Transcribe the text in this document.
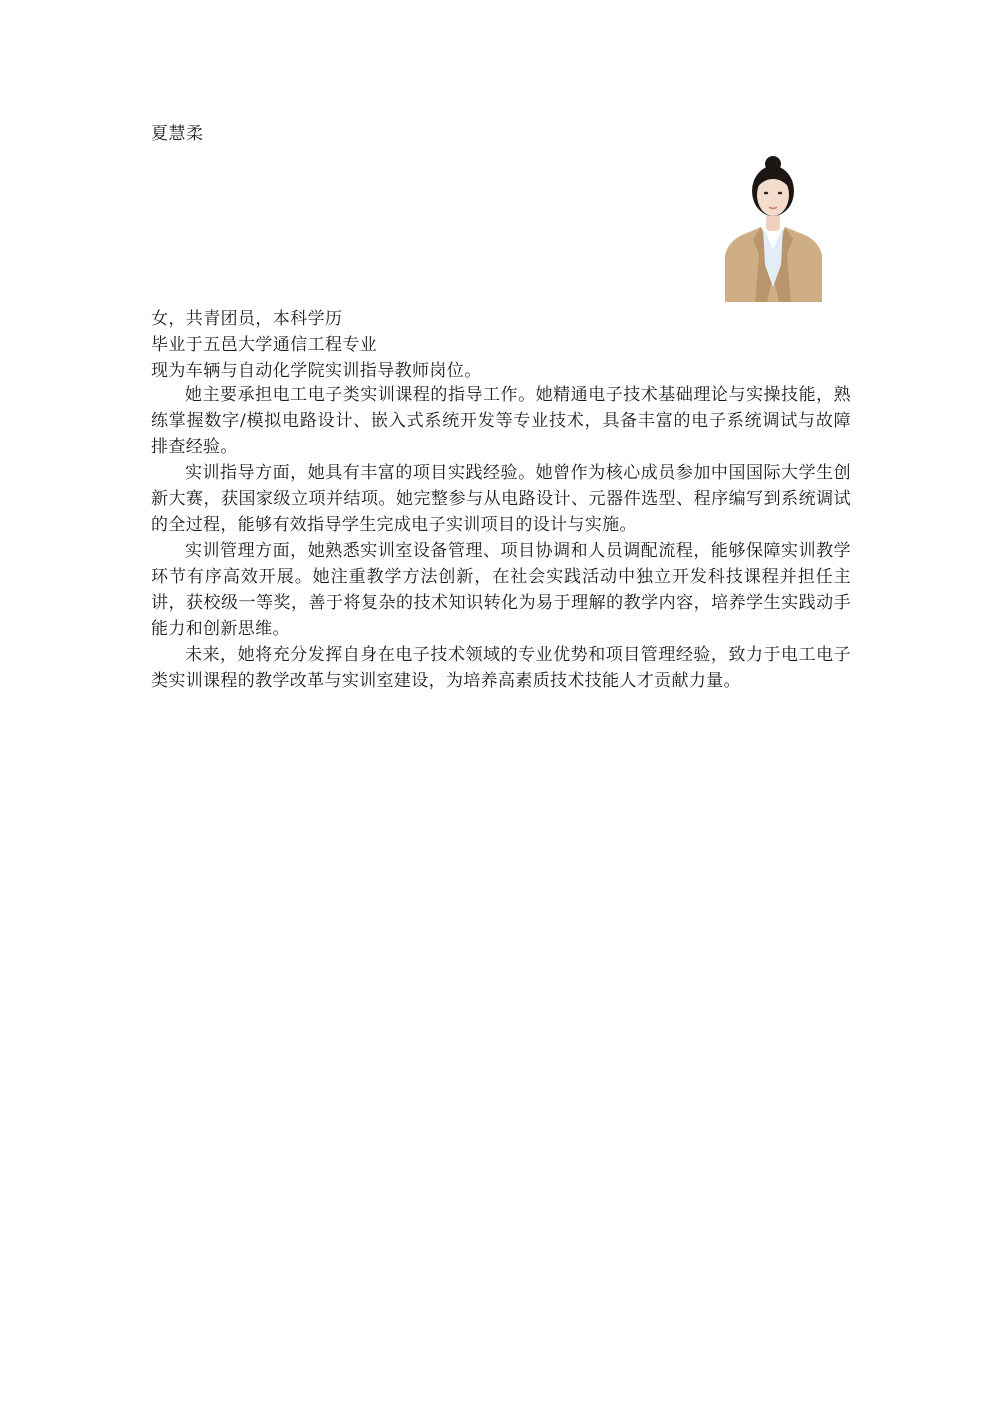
夏慧柔
女，共青团员，本科学历
毕业于五邑大学通信工程专业
现为车辆与自动化学院实训指导教师岗位。

她主要承担电工电子类实训课程的指导工作。她精通电子技术基础理论与实操技能，熟练掌握数字/模拟电路设计、嵌入式系统开发等专业技术，具备丰富的电子系统调试与故障排查经验。

实训指导方面，她具有丰富的项目实践经验。她曾作为核心成员参加中国国际大学生创新大赛，获国家级立项并结项。她完整参与从电路设计、元器件选型、程序编写到系统调试的全过程，能够有效指导学生完成电子实训项目的设计与实施。

实训管理方面，她熟悉实训室设备管理、项目协调和人员调配流程，能够保障实训教学环节有序高效开展。她注重教学方法创新，在社会实践活动中独立开发科技课程并担任主讲，获校级一等奖，善于将复杂的技术知识转化为易于理解的教学内容，培养学生实践动手能力和创新思维。

未来，她将充分发挥自身在电子技术领域的专业优势和项目管理经验，致力于电工电子类实训课程的教学改革与实训室建设，为培养高素质技术技能人才贡献力量。
